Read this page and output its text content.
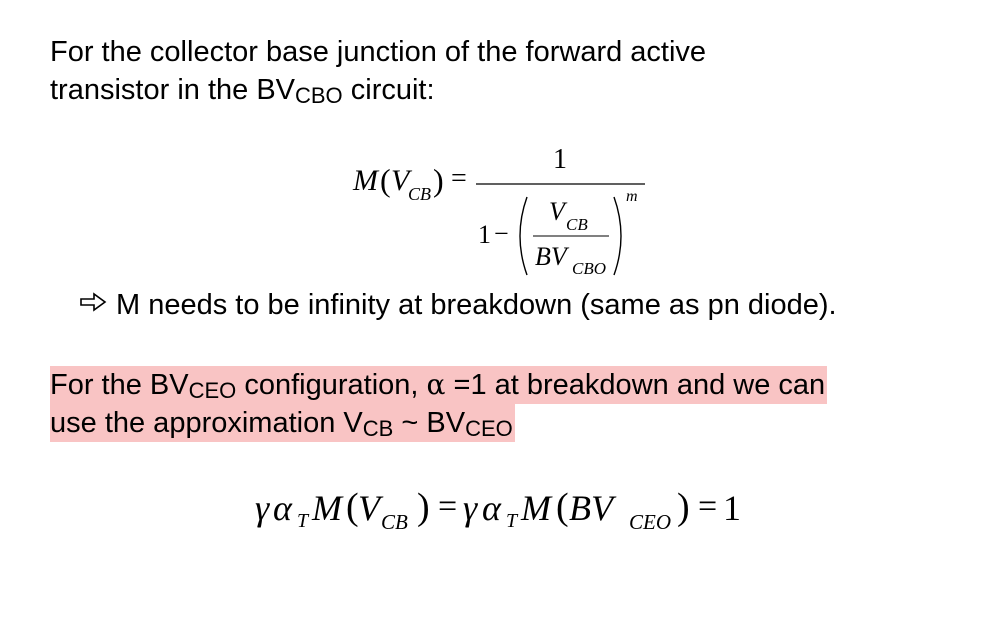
For the collector base junction of the forward active
transistor in the BVCBO circuit:
M ( V
CB ) =
1
1 −
V CB
BV CBO
m
M needs to be infinity at breakdown (same as pn diode).
For the BVCEO configuration, α =1 at breakdown and we can
use the approximation VCB ~ BVCEO
γ α T M ( V CB ) = γ α T M ( BV CEO ) = 1
